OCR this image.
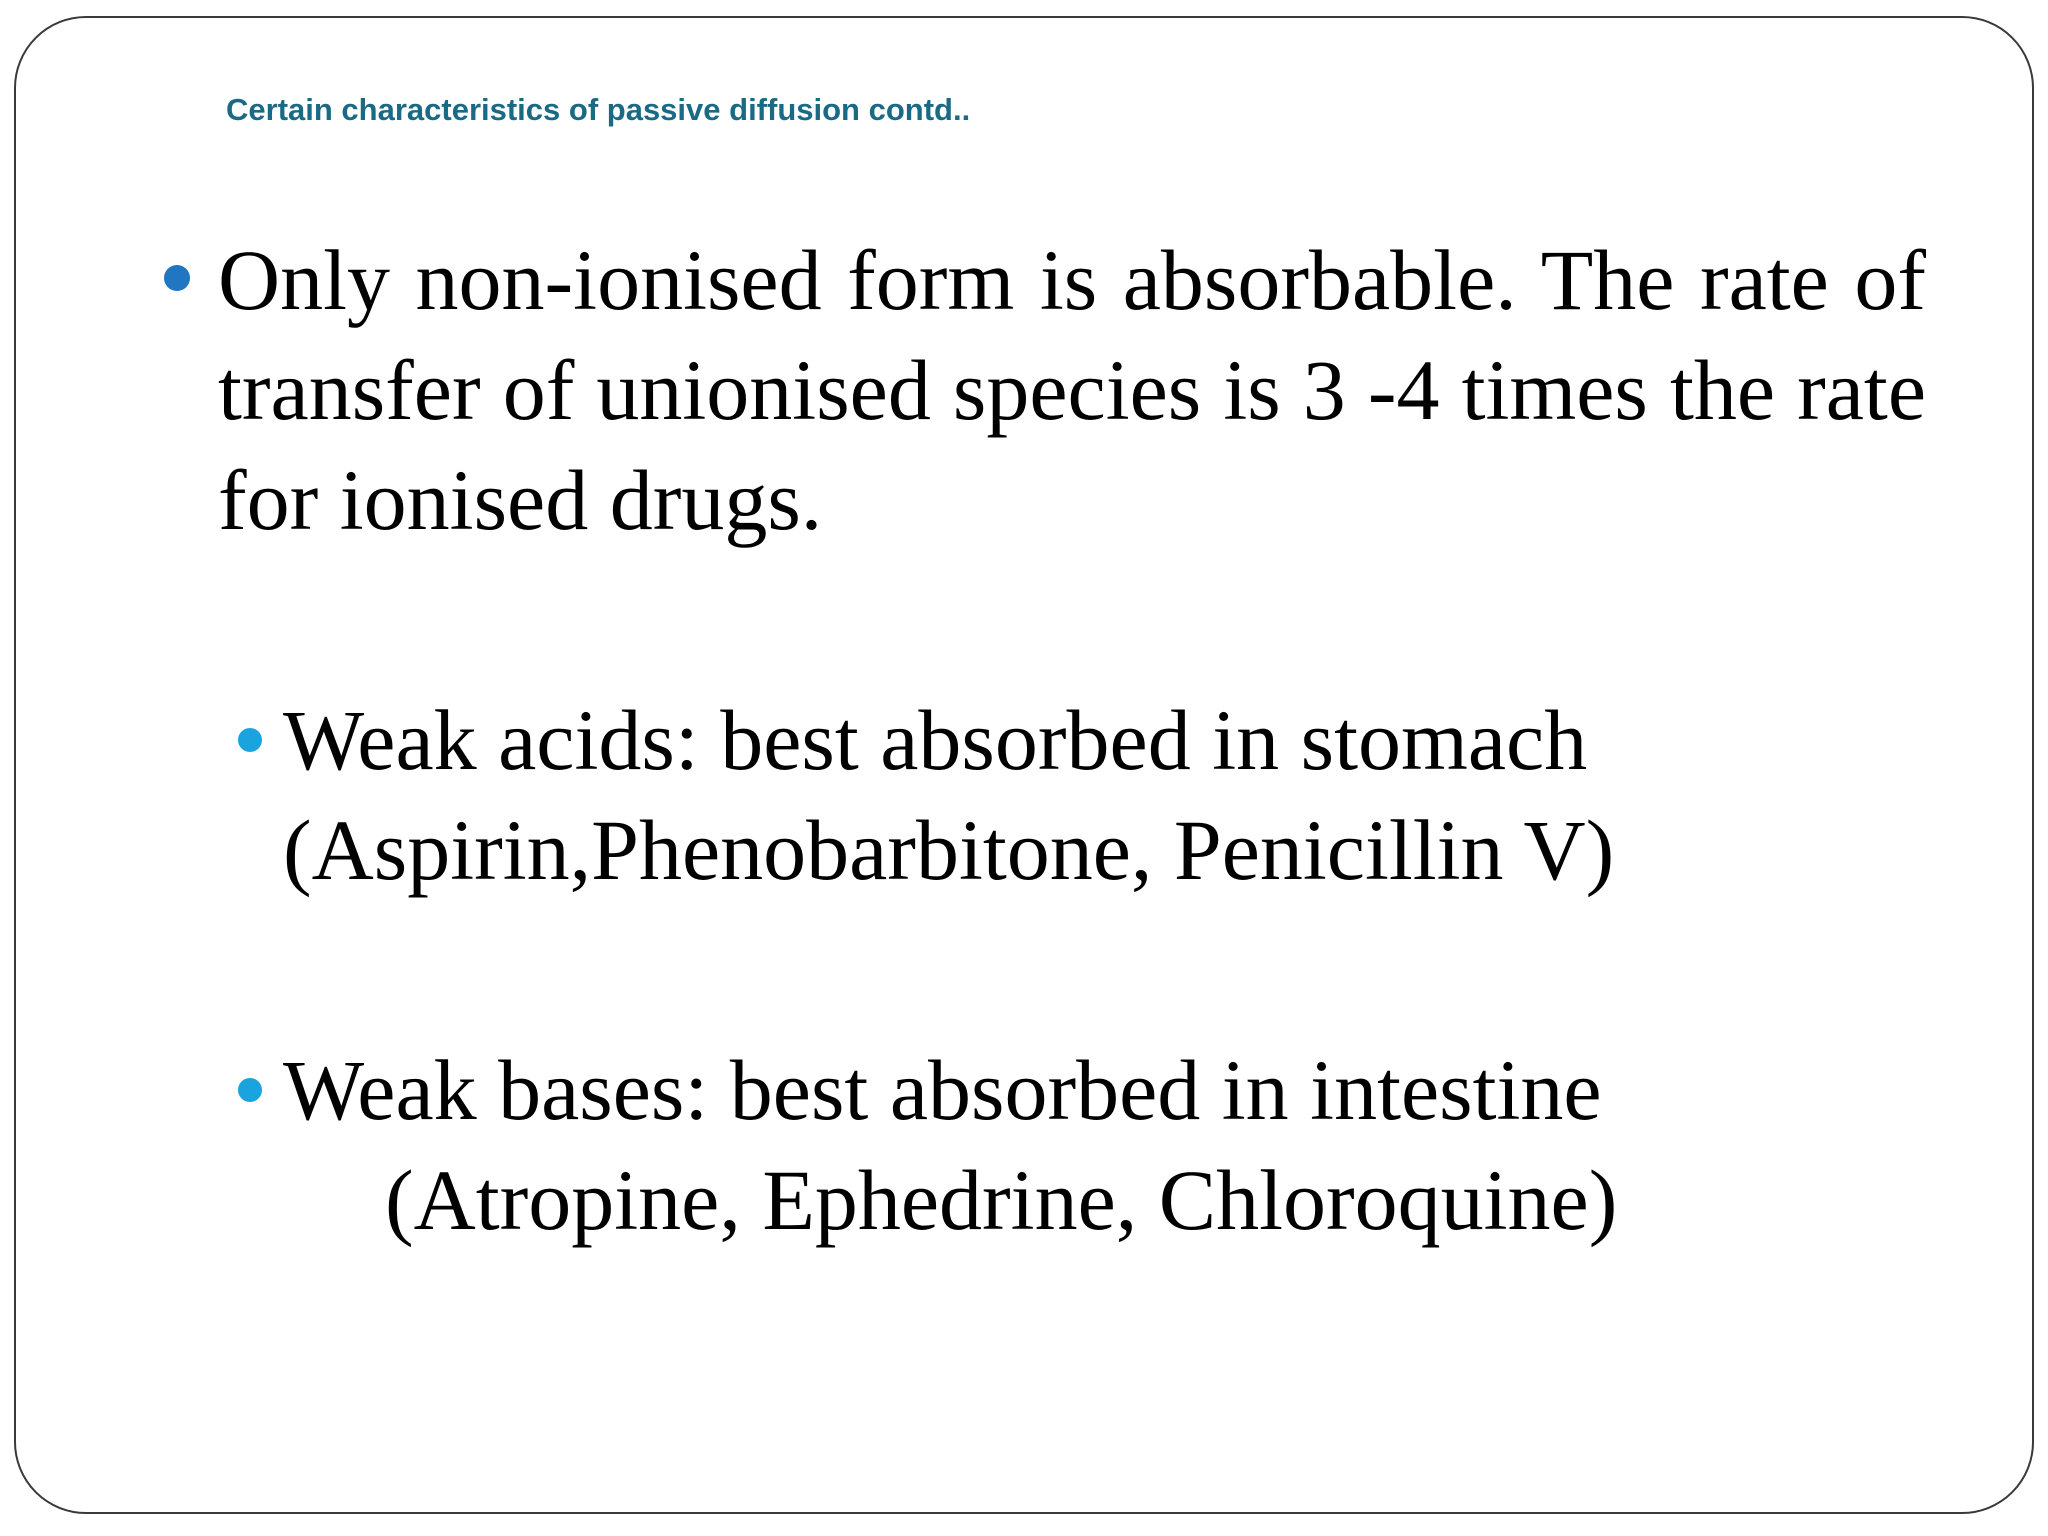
Certain characteristics of passive diffusion contd..
Only non-ionised form is absorbable. The rate of transfer of unionised species is 3 -4 times the rate for ionised drugs.
Weak acids: best absorbed in stomach
(Aspirin,Phenobarbitone, Penicillin V)
Weak bases: best absorbed in intestine
(Atropine, Ephedrine, Chloroquine)
